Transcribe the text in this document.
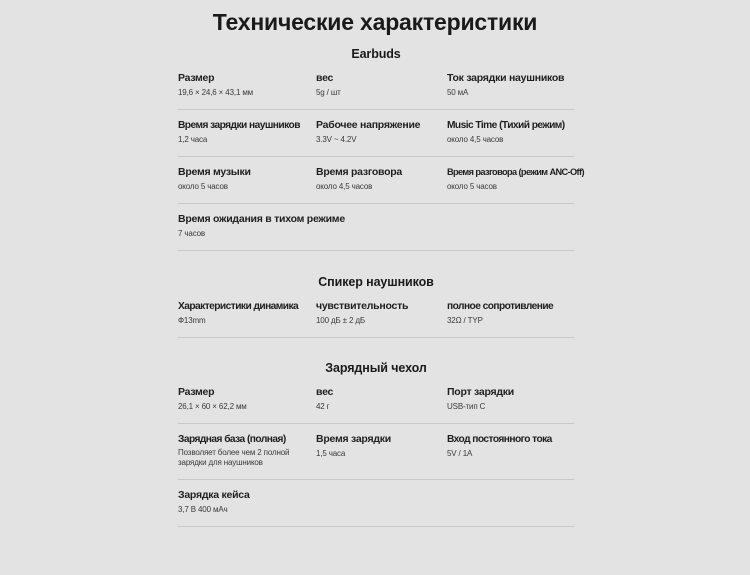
Технические характеристики
Earbuds
Размер
19,6 × 24,6 × 43,1 мм
вес
5g / шт
Ток зарядки наушников
50 мА
Время зарядки наушников
1,2 часа
Рабочее напряжение
3.3V ~ 4.2V
Music Time (Тихий режим)
около 4,5 часов
Время музыки
около 5 часов
Время разговора
около 4,5 часов
Время разговора (режим ANC-Off)
около 5 часов
Время ожидания в тихом режиме
7 часов
Спикер наушников
Характеристики динамика
Ф13mm
чувствительность
100 дБ ± 2 дБ
полное сопротивление
32Ω / TYP
Зарядный чехол
Размер
26,1 × 60 × 62,2 мм
вес
42 г
Порт зарядки
USB-тип C
Зарядная база (полная)
Позволяет более чем 2 полной зарядки для наушников
Время зарядки
1,5 часа
Вход постоянного тока
5V / 1A
Зарядка кейса
3,7 В 400 мАч
